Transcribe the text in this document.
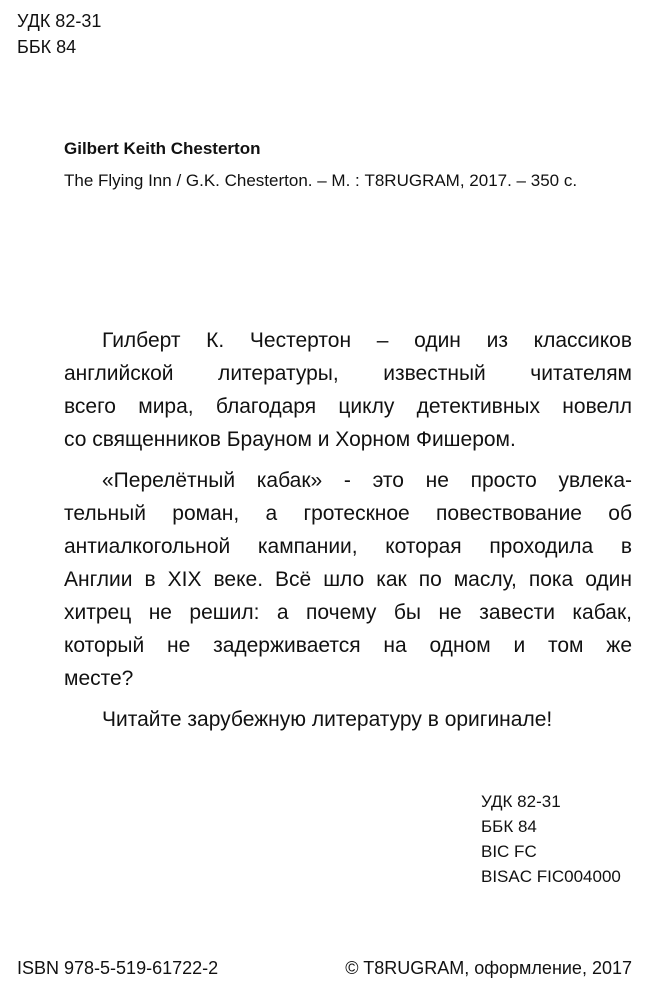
УДК 82-31
ББК 84

Gilbert Keith Chesterton

The Flying Inn / G.K. Chesterton. – М. : T8RUGRAM, 2017. – 350 с.

Гилберт К. Честертон – один из классиков
английской литературы, известный читателям
всего мира, благодаря циклу детективных новелл
со священников Брауном и Хорном Фишером.
«Перелётный кабак» - это не просто увлека-
тельный роман, а гротескное повествование об
антиалкогольной кампании, которая проходила в
Англии в XIX веке. Всё шло как по маслу, пока один
хитрец не решил: а почему бы не завести кабак,
который не задерживается на одном и том же
месте?
Читайте зарубежную литературу в оригинале!
УДК 82-31
ББК 84
BIC FC
BISAC FIC004000
ISBN 978-5-519-61722-2	© T8RUGRAM, оформление, 2017
